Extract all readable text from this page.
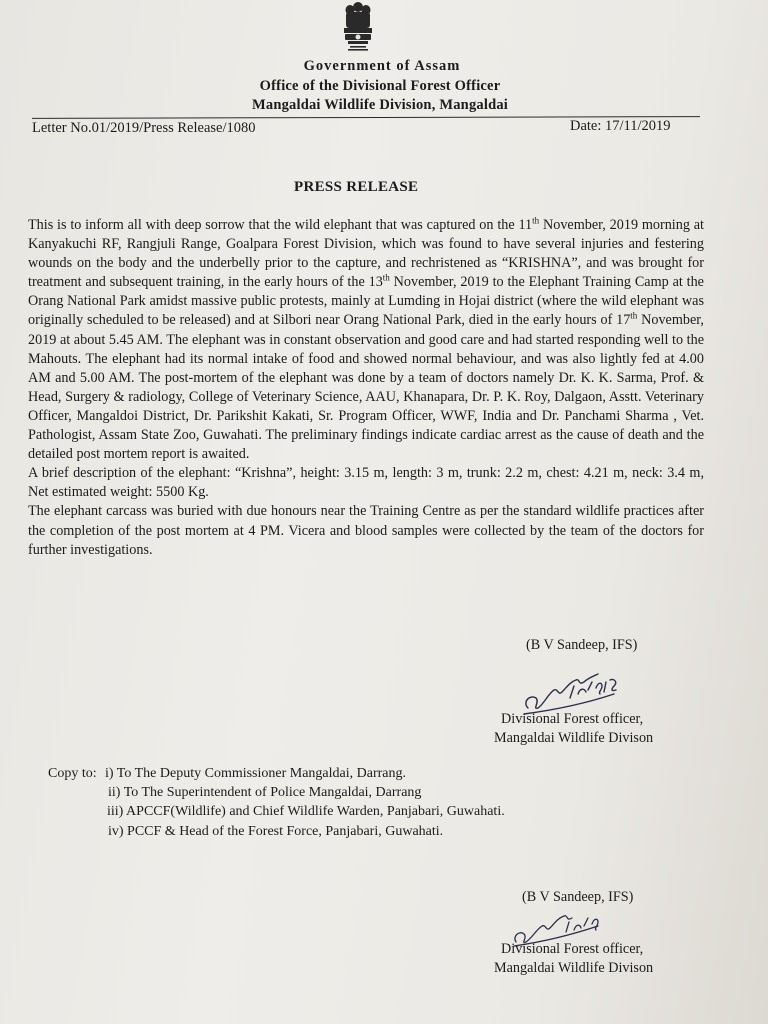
Government of Assam
Office of the Divisional Forest Officer
Mangaldai Wildlife Division, Mangaldai
Letter No.01/2019/Press Release/1080	Date: 17/11/2019
PRESS RELEASE

This is to inform all with deep sorrow that the wild elephant that was captured on the 11th November, 2019 morning at Kanyakuchi RF, Rangjuli Range, Goalpara Forest Division, which was found to have several injuries and festering wounds on the body and the underbelly prior to the capture, and rechristened as “KRISHNA”, and was brought for treatment and subsequent training, in the early hours of the 13th November, 2019 to the Elephant Training Camp at the Orang National Park amidst massive public protests, mainly at Lumding in Hojai district (where the wild elephant was originally scheduled to be released) and at Silbori near Orang National Park, died in the early hours of 17th November, 2019 at about 5.45 AM. The elephant was in constant observation and good care and had started responding well to the Mahouts. The elephant had its normal intake of food and showed normal behaviour, and was also lightly fed at 4.00 AM and 5.00 AM. The post-mortem of the elephant was done by a team of doctors namely Dr. K. K. Sarma, Prof. & Head, Surgery & radiology, College of Veterinary Science, AAU, Khanapara, Dr. P. K. Roy, Dalgaon, Asstt. Veterinary Officer, Mangaldoi District, Dr. Parikshit Kakati, Sr. Program Officer, WWF, India and Dr. Panchami Sharma , Vet. Pathologist, Assam State Zoo, Guwahati. The preliminary findings indicate cardiac arrest as the cause of death and the detailed post mortem report is awaited.

A brief description of the elephant: “Krishna”, height: 3.15 m, length: 3 m, trunk: 2.2 m, chest: 4.21 m, neck: 3.4 m, Net estimated weight: 5500 Kg.

The elephant carcass was buried with due honours near the Training Centre as per the standard wildlife practices after the completion of the post mortem at 4 PM. Vicera and blood samples were collected by the team of the doctors for further investigations.

(B V Sandeep, IFS)
Divisional Forest officer,
Mangaldai Wildlife Divison
Copy to: i) To The Deputy Commissioner Mangaldai, Darrang.
ii) To The Superintendent of Police Mangaldai, Darrang
iii) APCCF(Wildlife) and Chief Wildlife Warden, Panjabari, Guwahati.
iv) PCCF & Head of the Forest Force, Panjabari, Guwahati.
(B V Sandeep, IFS)
Divisional Forest officer,
Mangaldai Wildlife Divison
